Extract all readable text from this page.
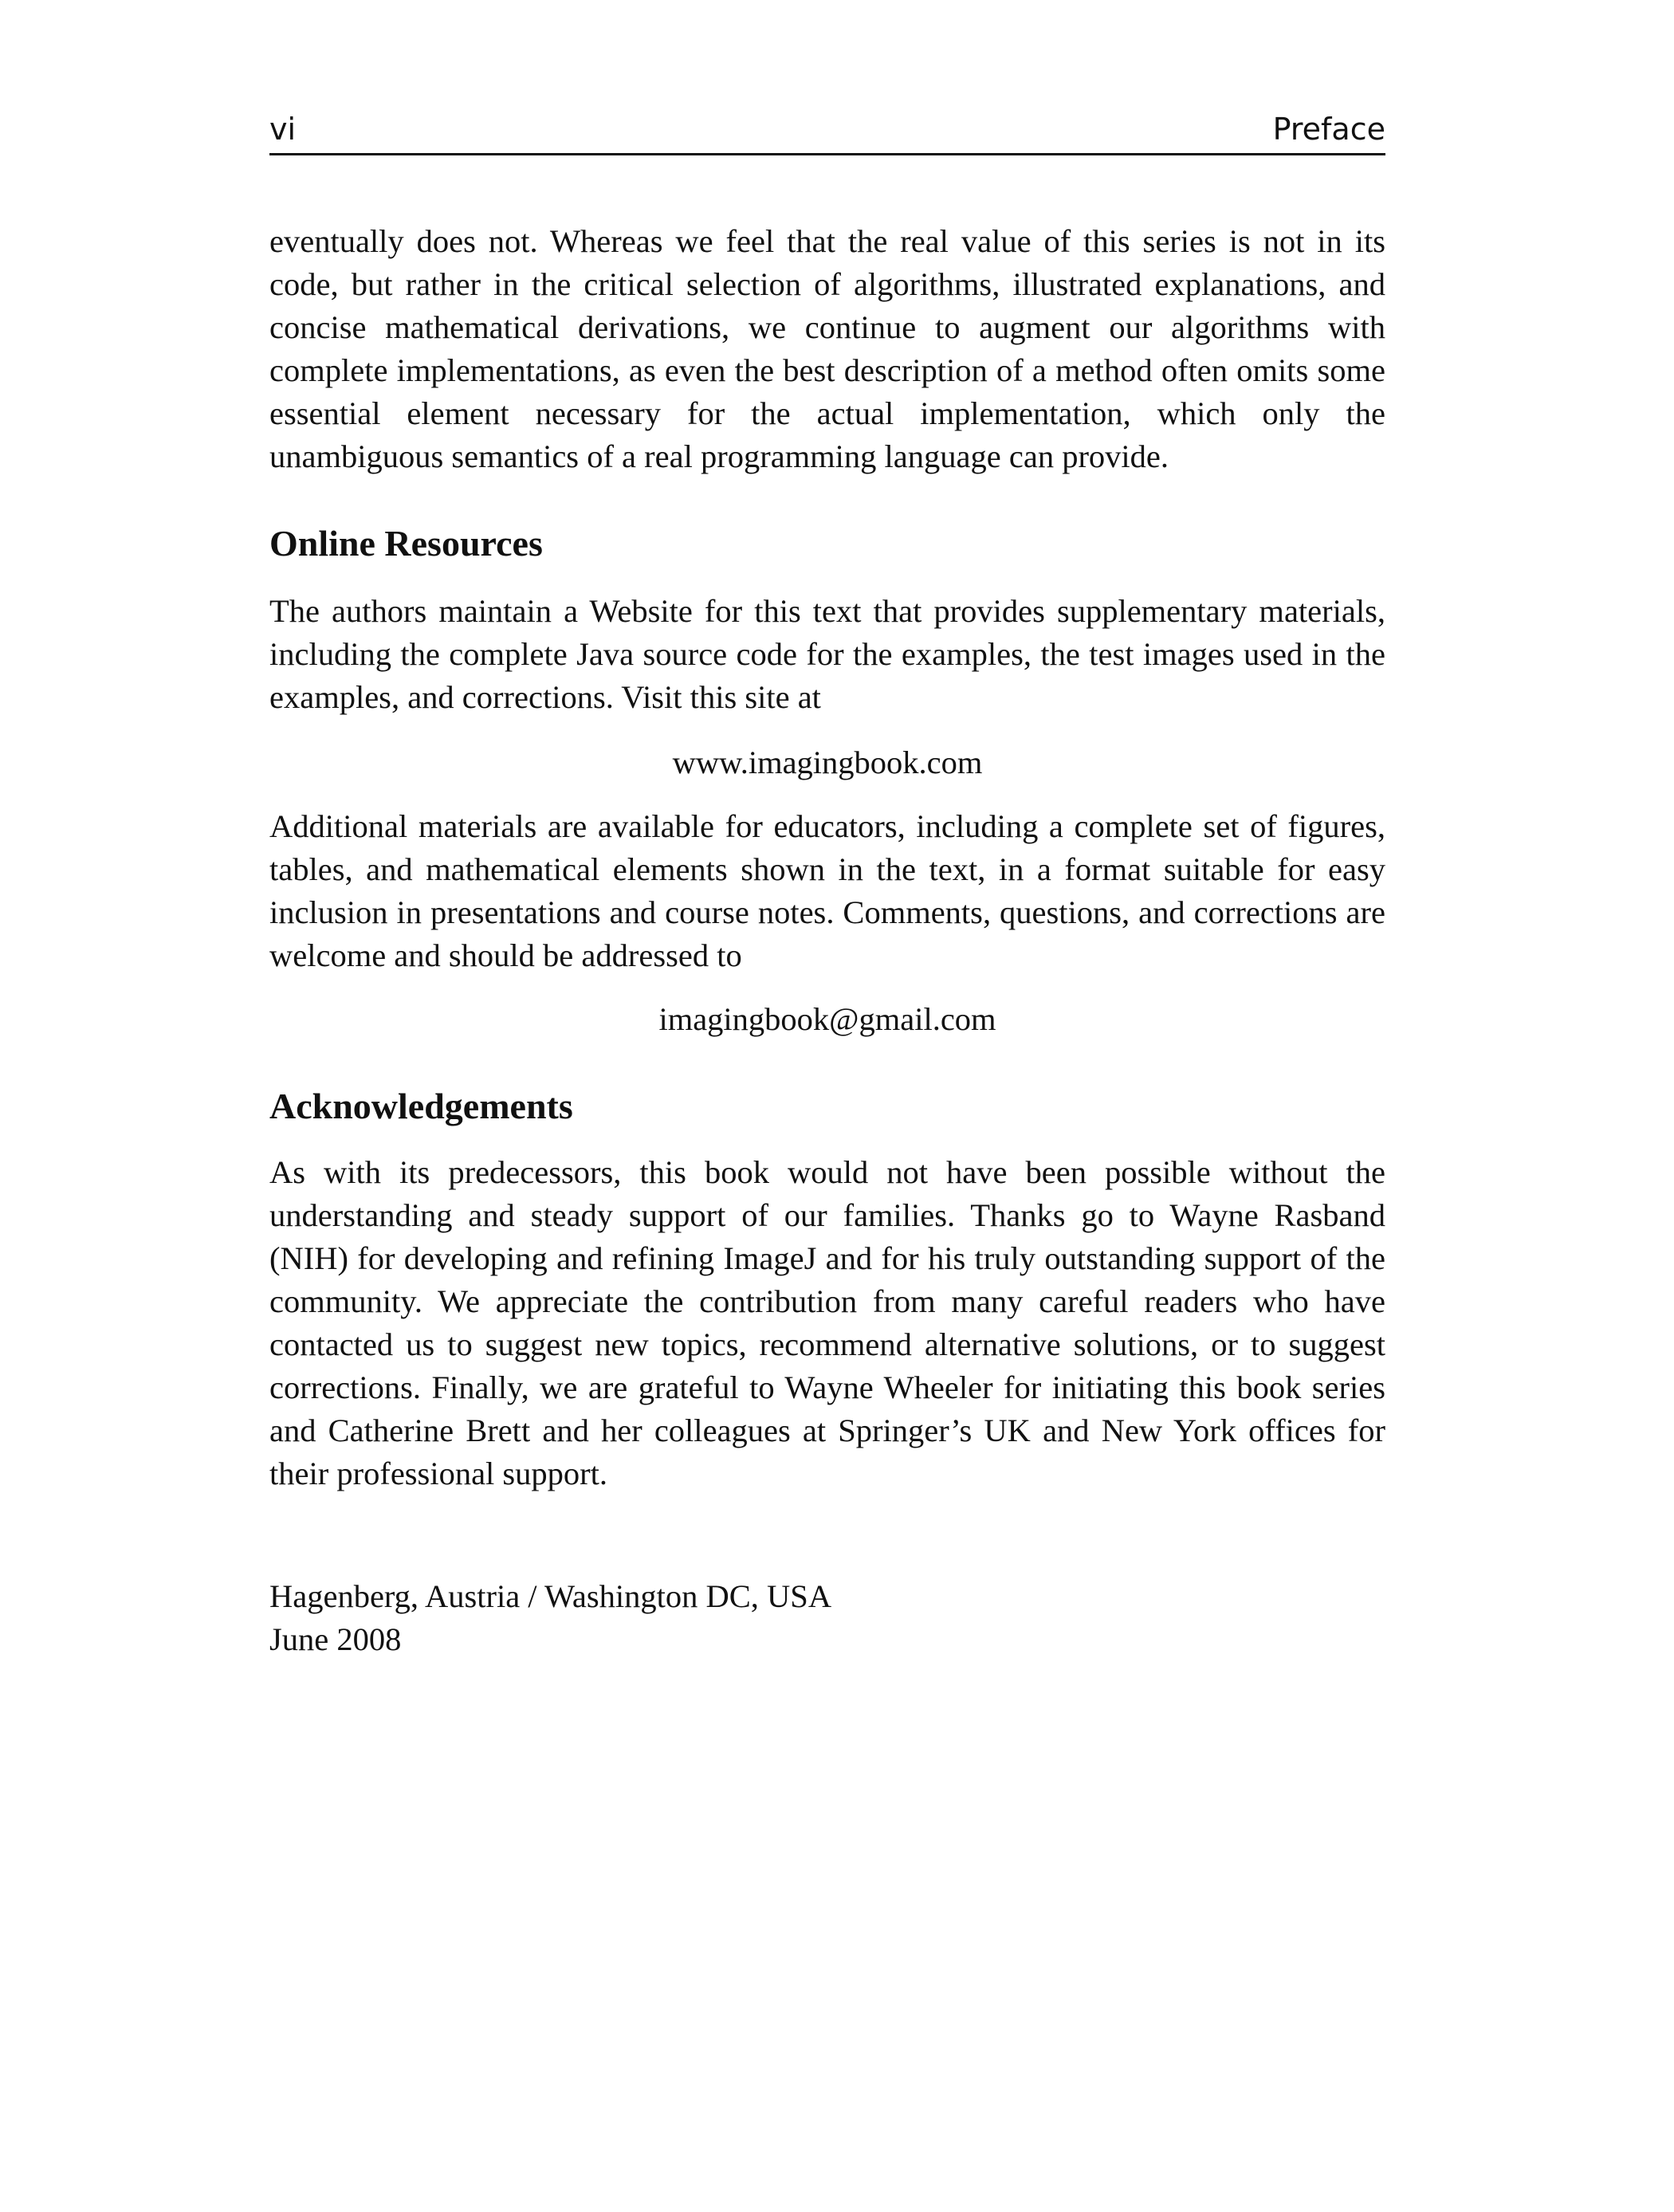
vi	Preface

eventually does not. Whereas we feel that the real value of this series is not in its code, but rather in the critical selection of algorithms, illustrated explanations, and concise mathematical derivations, we continue to augment our algorithms with complete implementations, as even the best description of a method often omits some essential element necessary for the actual implementation, which only the unambiguous semantics of a real programming language can provide.

Online Resources

The authors maintain a Website for this text that provides supplementary materials, including the complete Java source code for the examples, the test images used in the examples, and corrections. Visit this site at

www.imagingbook.com

Additional materials are available for educators, including a complete set of figures, tables, and mathematical elements shown in the text, in a format suitable for easy inclusion in presentations and course notes. Comments, questions, and corrections are welcome and should be addressed to

imagingbook@gmail.com

Acknowledgements

As with its predecessors, this book would not have been possible without the understanding and steady support of our families. Thanks go to Wayne Rasband (NIH) for developing and refining ImageJ and for his truly outstanding support of the community. We appreciate the contribution from many careful readers who have contacted us to suggest new topics, recommend alternative solutions, or to suggest corrections. Finally, we are grateful to Wayne Wheeler for initiating this book series and Catherine Brett and her colleagues at Springer’s UK and New York offices for their professional support.

Hagenberg, Austria / Washington DC, USA

June 2008
